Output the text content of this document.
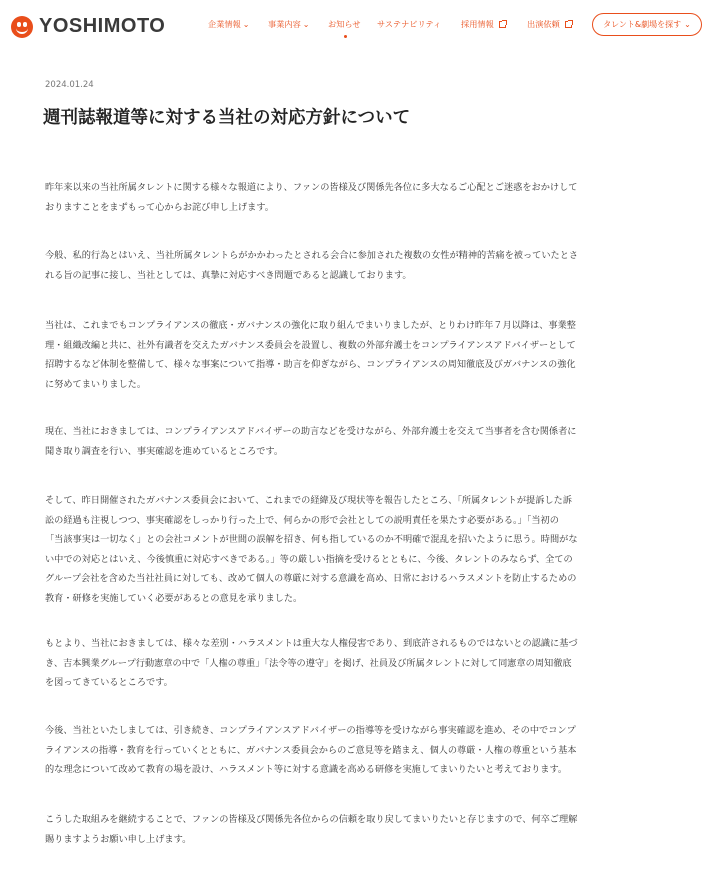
YOSHIMOTO	企業情報 ⌄ 事業内容 ⌄ お知らせ サステナビリティ 採用情報	出演依頼	タレント&劇場を探す ⌄
2024.01.24
週刊誌報道等に対する当社の対応方針について
昨年来以来の当社所属タレントに関する様々な報道により、ファンの皆様及び関係先各位に多大なるご心配とご迷惑をおかけして
おりますことをまずもって心からお詫び申し上げます。
今般、私的行為とはいえ、当社所属タレントらがかかわったとされる会合に参加された複数の女性が精神的苦痛を被っていたとさ
れる旨の記事に接し、当社としては、真摯に対応すべき問題であると認識しております。
当社は、これまでもコンプライアンスの徹底・ガバナンスの強化に取り組んでまいりましたが、とりわけ昨年７月以降は、事業整
理・組織改編と共に、社外有識者を交えたガバナンス委員会を設置し、複数の外部弁護士をコンプライアンスアドバイザーとして
招聘するなど体制を整備して、様々な事案について指導・助言を仰ぎながら、コンプライアンスの周知徹底及びガバナンスの強化
に努めてまいりました。
現在、当社におきましては、コンプライアンスアドバイザーの助言などを受けながら、外部弁護士を交えて当事者を含む関係者に
聞き取り調査を行い、事実確認を進めているところです。
そして、昨日開催されたガバナンス委員会において、これまでの経緯及び現状等を報告したところ、「所属タレントが提訴した訴
訟の経過も注視しつつ、事実確認をしっかり行った上で、何らかの形で会社としての説明責任を果たす必要がある。」「当初の
「当該事実は一切なく」との会社コメントが世間の誤解を招き、何も指しているのか不明確で混乱を招いたように思う。時間がな
い中での対応とはいえ、今後慎重に対応すべきである。」等の厳しい指摘を受けるとともに、今後、タレントのみならず、全ての
グループ会社を含めた当社社員に対しても、改めて個人の尊厳に対する意識を高め、日常におけるハラスメントを防止するための
教育・研修を実施していく必要があるとの意見を承りました。
もとより、当社におきましては、様々な差別・ハラスメントは重大な人権侵害であり、到底許されるものではないとの認識に基づ
き、吉本興業グループ行動憲章の中で「人権の尊重」「法令等の遵守」を掲げ、社員及び所属タレントに対して同憲章の周知徹底
を図ってきているところです。
今後、当社といたしましては、引き続き、コンプライアンスアドバイザーの指導等を受けながら事実確認を進め、その中でコンプ
ライアンスの指導・教育を行っていくとともに、ガバナンス委員会からのご意見等を踏まえ、個人の尊厳・人権の尊重という基本
的な理念について改めて教育の場を設け、ハラスメント等に対する意識を高める研修を実施してまいりたいと考えております。
こうした取組みを継続することで、ファンの皆様及び関係先各位からの信頼を取り戻してまいりたいと存じますので、何卒ご理解
賜りますようお願い申し上げます。
